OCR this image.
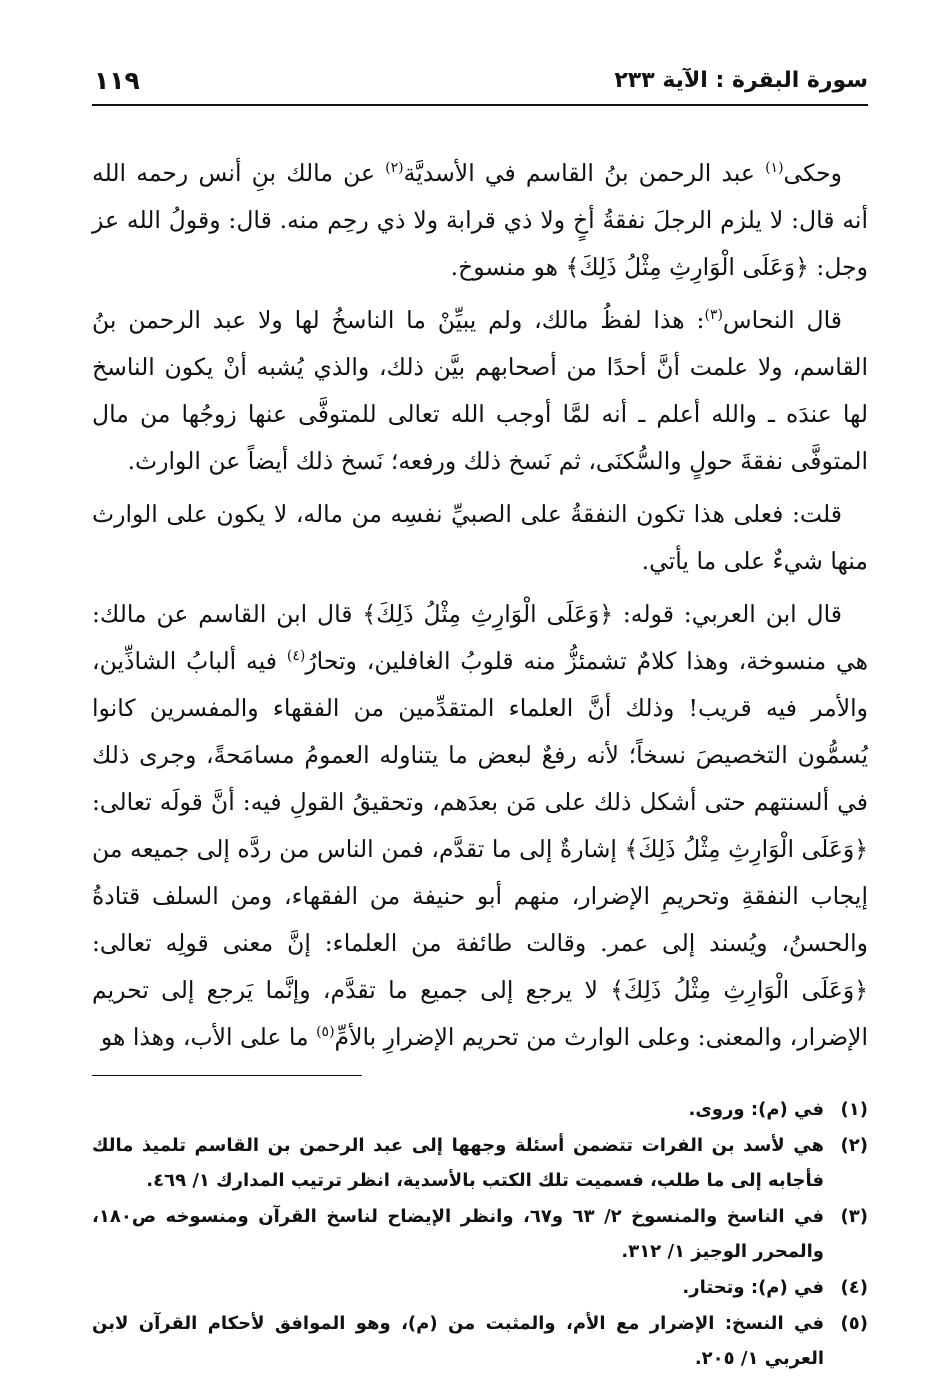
سورة البقرة : الآية ٢٣٣
١١٩

وحكى$^{(١)}$ عبد الرحمن بنُ القاسم في الأسديَّة$^{(٢)}$ عن مالك بنِ أنس رحمه الله أنه قال: لا يلزم الرجلَ نفقةُ أخٍ ولا ذي قرابة ولا ذي رحِم منه. قال: وقولُ الله عز وجل: ﴿وَعَلَى الْوَارِثِ مِثْلُ ذَلِكَ﴾ هو منسوخ.

قال النحاس$^{(٣)}$: هذا لفظُ مالك، ولم يبيِّنْ ما الناسخُ لها ولا عبد الرحمن بنُ القاسم، ولا علمت أنَّ أحدًا من أصحابهم بيَّن ذلك، والذي يُشبه أنْ يكون الناسخ لها عندَه ـ والله أعلم ـ أنه لمَّا أوجب الله تعالى للمتوفَّى عنها زوجُها من مال المتوفَّى نفقةَ حولٍ والسُّكنَى، ثم نَسخ ذلك ورفعه؛ نَسخ ذلك أيضاً عن الوارث.

قلت: فعلى هذا تكون النفقةُ على الصبيِّ نفسِه من ماله، لا يكون على الوارث منها شيءٌ على ما يأتي.

قال ابن العربي: قوله: ﴿وَعَلَى الْوَارِثِ مِثْلُ ذَلِكَ﴾ قال ابن القاسم عن مالك: هي منسوخة، وهذا كلامٌ تشمئزُّ منه قلوبُ الغافلين، وتحارُ$^{(٤)}$ فيه ألبابُ الشاذِّين، والأمر فيه قريب! وذلك أنَّ العلماء المتقدِّمين من الفقهاء والمفسرين كانوا يُسمُّون التخصيصَ نسخاً؛ لأنه رفعٌ لبعض ما يتناوله العمومُ مسامَحةً، وجرى ذلك في ألسنتهم حتى أشكل ذلك على مَن بعدَهم، وتحقيقُ القولِ فيه: أنَّ قولَه تعالى: ﴿وَعَلَى الْوَارِثِ مِثْلُ ذَلِكَ﴾ إشارةٌ إلى ما تقدَّم، فمن الناس من ردَّه إلى جميعه من إيجاب النفقةِ وتحريمِ الإضرار، منهم أبو حنيفة من الفقهاء، ومن السلف قتادةُ والحسنُ، ويُسند إلى عمر. وقالت طائفة من العلماء: إنَّ معنى قولِه تعالى: ﴿وَعَلَى الْوَارِثِ مِثْلُ ذَلِكَ﴾ لا يرجع إلى جميع ما تقدَّم، وإنَّما يَرجع إلى تحريم الإضرار، والمعنى: وعلى الوارث من تحريم الإضرارِ بالأمِّ$^{(٥)}$ ما على الأب، وهذا هو

(١)
في (م): وروى.
(٢)
هي لأسد بن الفرات تتضمن أسئلة وجهها إلى عبد الرحمن بن القاسم تلميذ مالك فأجابه إلى ما طلب، فسميت تلك الكتب بالأسدية، انظر ترتيب المدارك ١/ ٤٦٩.
(٣)
في الناسخ والمنسوخ ٢/ ٦٣ و٦٧، وانظر الإيضاح لناسخ القرآن ومنسوخه ص١٨٠، والمحرر الوجيز ١/ ٣١٢.
(٤)
في (م): وتحتار.
(٥)
في النسخ: الإضرار مع الأم، والمثبت من (م)، وهو الموافق لأحكام القرآن لابن العربي ١/ ٢٠٥.
